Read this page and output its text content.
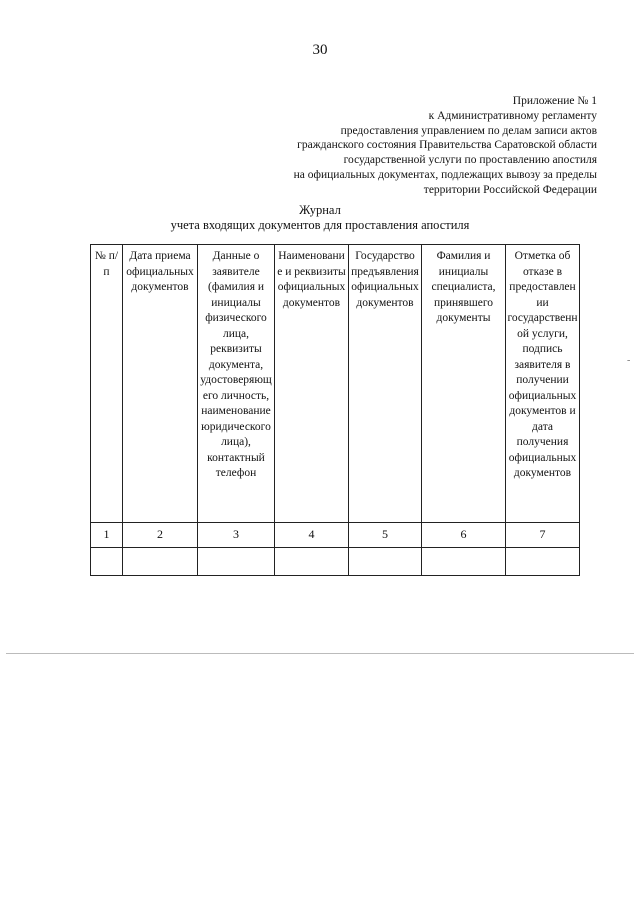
30
Приложение № 1
к Административному регламенту
предоставления управлением по делам записи актов
гражданского состояния Правительства Саратовской области
государственной услуги по проставлению апостиля
на официальных документах, подлежащих вывозу за пределы
территории Российской Федерации
Журнал
учета входящих документов для проставления апостиля
№ п/п	Дата приема официальных документов	Данные о заявителе (фамилия и инициалы физического лица, реквизиты документа, удостоверяющего личность, наименование юридического лица), контактный телефон	Наименование и реквизиты официальных документов	Государство предъявления официальных документов	Фамилия и инициалы специалиста, принявшего документы	Отметка об отказе в предоставлении государственной услуги, подпись заявителя в получении официальных документов и дата получения официальных документов
1	2	3	4	5	6	7

-
